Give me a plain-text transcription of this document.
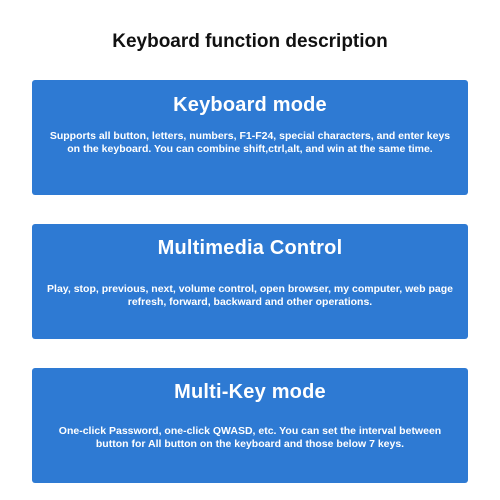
Keyboard function description
Keyboard mode

Supports all button, letters, numbers, F1-F24, special characters, and enter keys on the keyboard. You can combine shift,ctrl,alt, and win at the same time.

Multimedia Control

Play, stop, previous, next, volume control, open browser, my computer, web page refresh, forward, backward and other operations.

Multi-Key mode

One-click Password, one-click QWASD, etc. You can set the interval between button for All button on the keyboard and those below 7 keys.
